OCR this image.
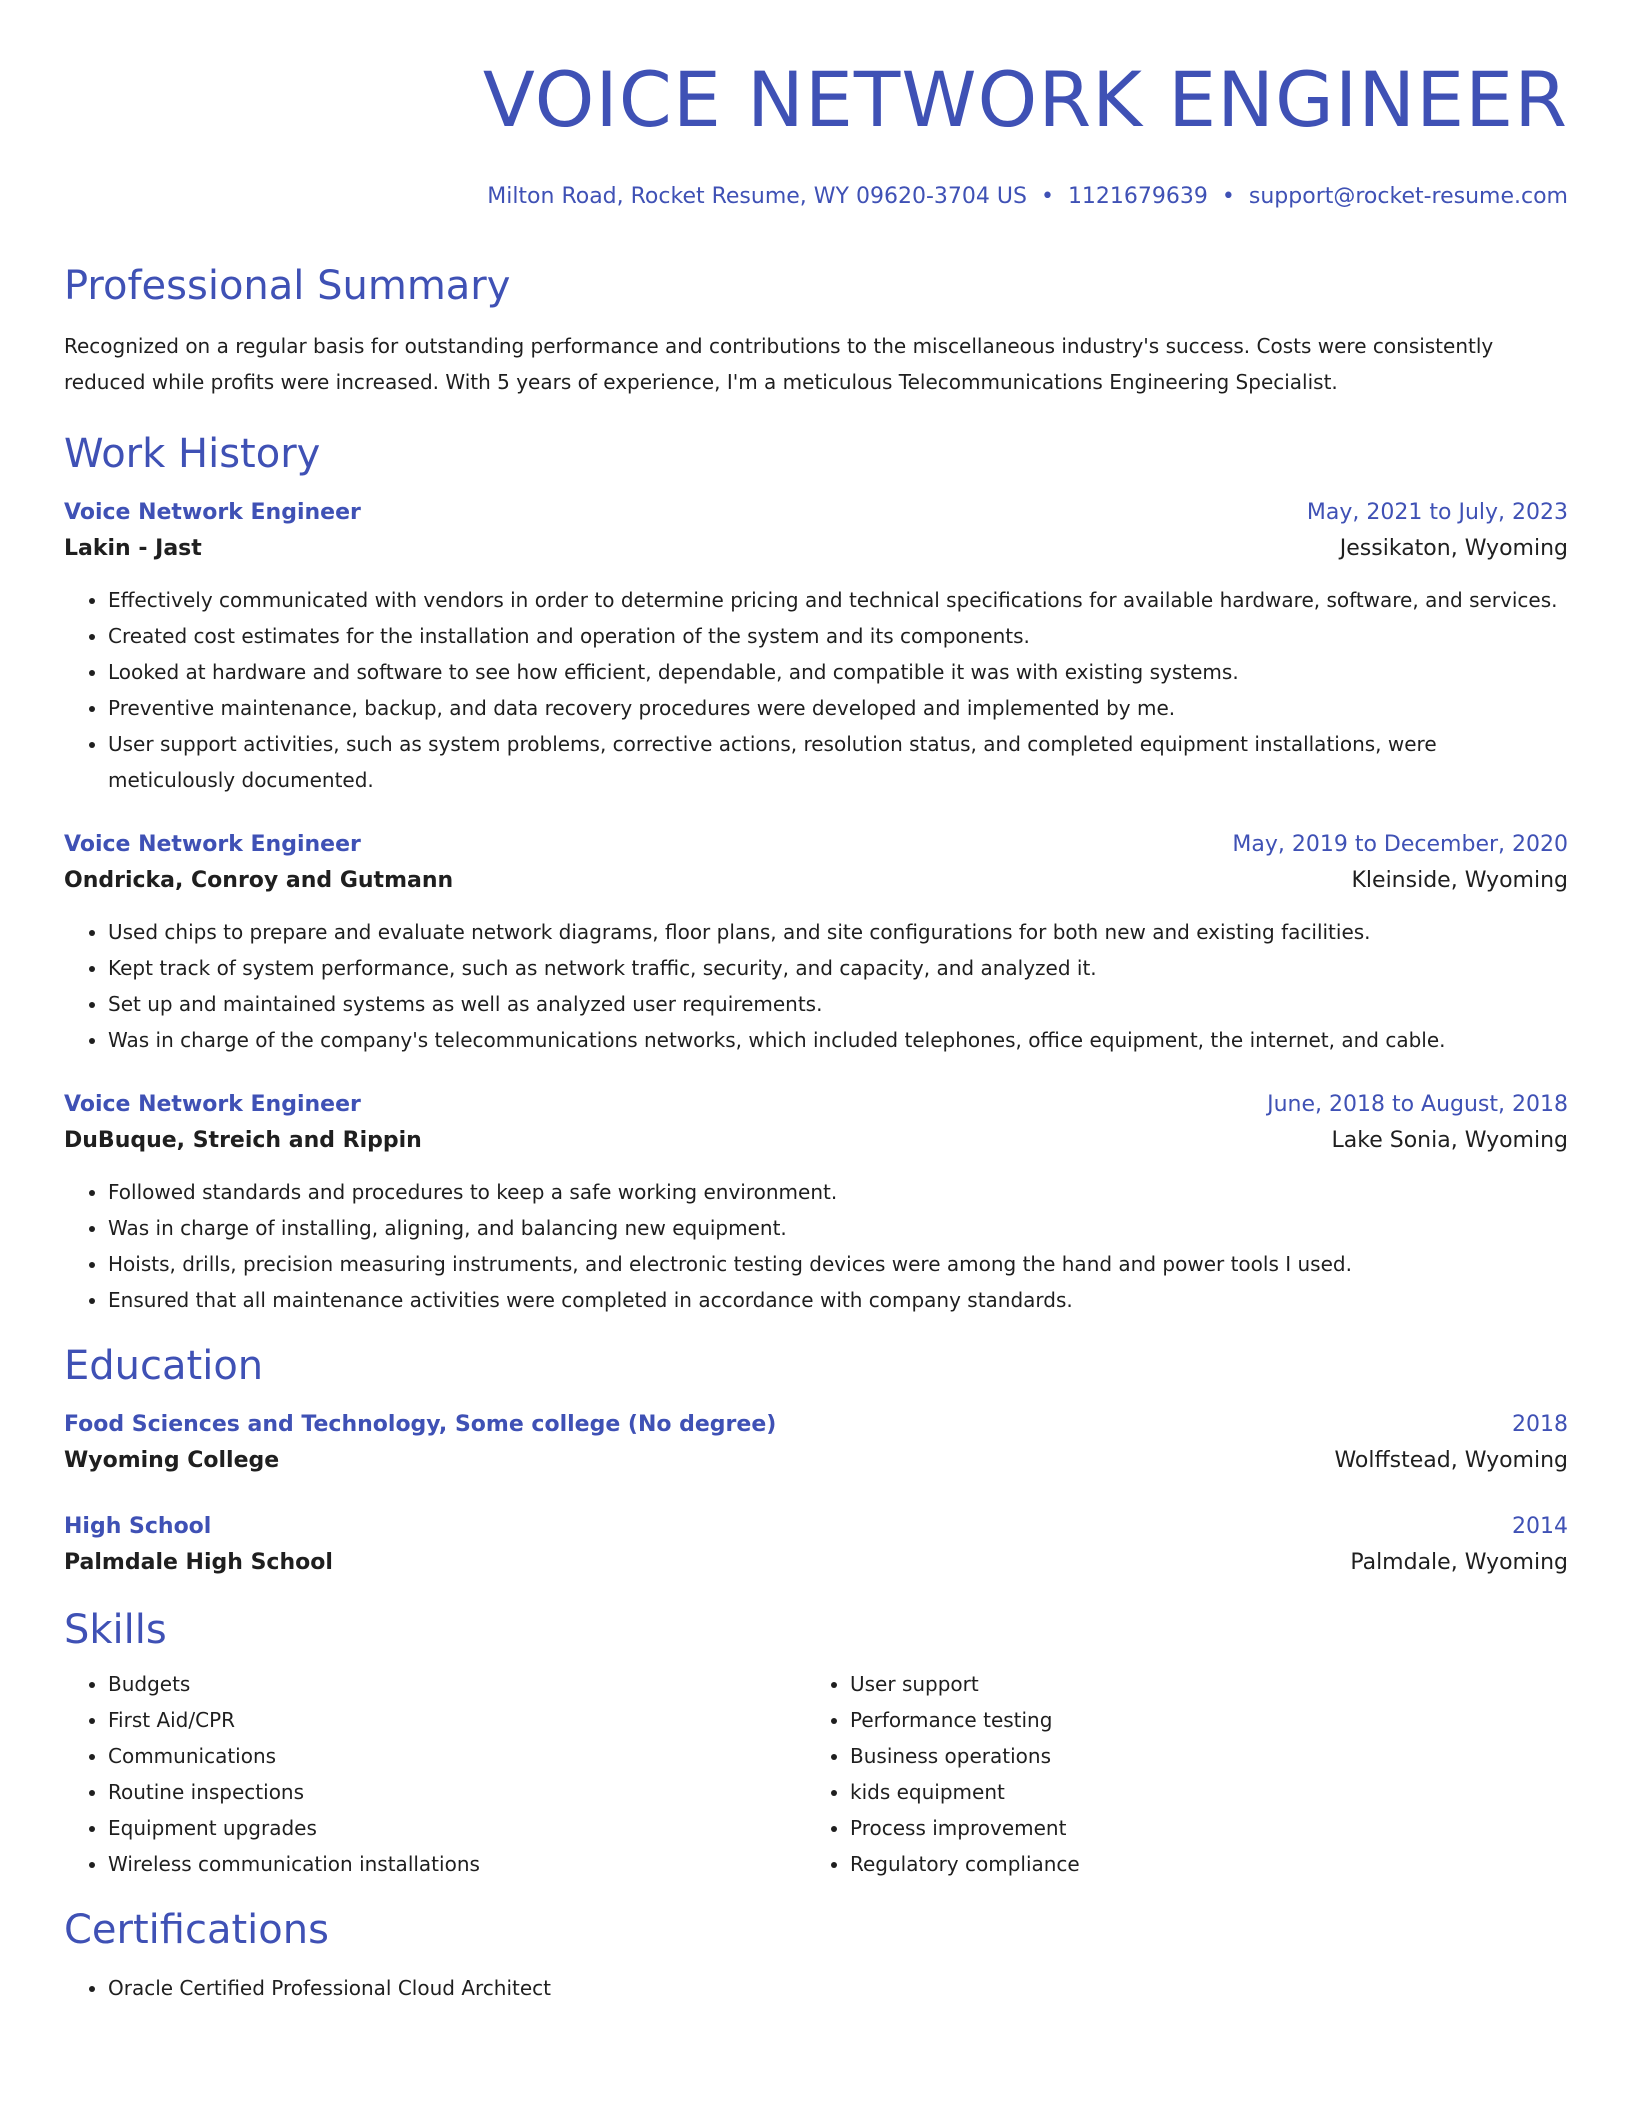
VOICE NETWORK ENGINEER
Milton Road, Rocket Resume, WY 09620-3704 US • 1121679639 • support@rocket-resume.com
Professional Summary
Recognized on a regular basis for outstanding performance and contributions to the miscellaneous industry's success. Costs were consistently reduced while profits were increased. With 5 years of experience, I'm a meticulous Telecommunications Engineering Specialist.
Work History
Voice Network Engineer	May, 2021 to July, 2023
Lakin - Jast	Jessikaton, Wyoming
• Effectively communicated with vendors in order to determine pricing and technical specifications for available hardware, software, and services.
• Created cost estimates for the installation and operation of the system and its components.
• Looked at hardware and software to see how efficient, dependable, and compatible it was with existing systems.
• Preventive maintenance, backup, and data recovery procedures were developed and implemented by me.
• User support activities, such as system problems, corrective actions, resolution status, and completed equipment installations, were meticulously documented.
Voice Network Engineer	May, 2019 to December, 2020
Ondricka, Conroy and Gutmann	Kleinside, Wyoming
• Used chips to prepare and evaluate network diagrams, floor plans, and site configurations for both new and existing facilities.
• Kept track of system performance, such as network traffic, security, and capacity, and analyzed it.
• Set up and maintained systems as well as analyzed user requirements.
• Was in charge of the company's telecommunications networks, which included telephones, office equipment, the internet, and cable.
Voice Network Engineer	June, 2018 to August, 2018
DuBuque, Streich and Rippin	Lake Sonia, Wyoming
• Followed standards and procedures to keep a safe working environment.
• Was in charge of installing, aligning, and balancing new equipment.
• Hoists, drills, precision measuring instruments, and electronic testing devices were among the hand and power tools I used.
• Ensured that all maintenance activities were completed in accordance with company standards.
Education
Food Sciences and Technology, Some college (No degree)	2018
Wyoming College	Wolffstead, Wyoming
High School	2014
Palmdale High School	Palmdale, Wyoming
Skills
• Budgets
• First Aid/CPR
• Communications
• Routine inspections
• Equipment upgrades
• Wireless communication installations
• User support
• Performance testing
• Business operations
• kids equipment
• Process improvement
• Regulatory compliance
Certifications
• Oracle Certified Professional Cloud Architect
